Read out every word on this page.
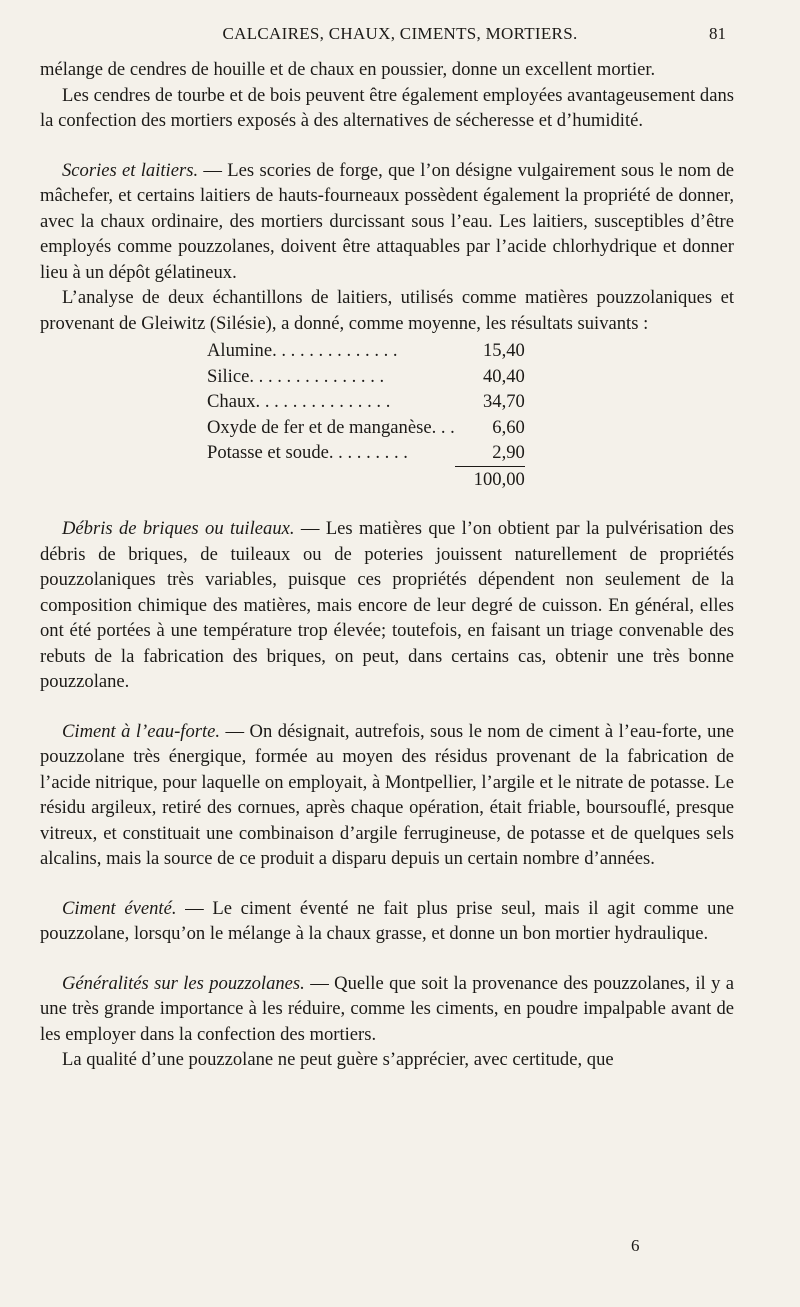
CALCAIRES, CHAUX, CIMENTS, MORTIERS.	81

mélange de cendres de houille et de chaux en poussier, donne un excellent mortier.

Les cendres de tourbe et de bois peuvent être également employées avantageusement dans la confection des mortiers exposés à des alternatives de sécheresse et d’humidité.

Scories et laitiers. — Les scories de forge, que l’on désigne vulgairement sous le nom de mâchefer, et certains laitiers de hauts-fourneaux possèdent également la propriété de donner, avec la chaux ordinaire, des mortiers durcissant sous l’eau. Les laitiers, susceptibles d’être employés comme pouzzolanes, doivent être attaquables par l’acide chlorhydrique et donner lieu à un dépôt gélatineux.

L’analyse de deux échantillons de laitiers, utilisés comme matières pouzzolaniques et provenant de Gleiwitz (Silésie), a donné, comme moyenne, les résultats suivants :

Alumine. . . . . . . . . . . . . .	15,40
Silice. . . . . . . . . . . . . . .	40,40
Chaux. . . . . . . . . . . . . . .	34,70
Oxyde de fer et de manganèse. . .	6,60
Potasse et soude. . . . . . . . .	2,90
	100,00

Débris de briques ou tuileaux. — Les matières que l’on obtient par la pulvérisation des débris de briques, de tuileaux ou de poteries jouissent naturellement de propriétés pouzzolaniques très variables, puisque ces propriétés dépendent non seulement de la composition chimique des matières, mais encore de leur degré de cuisson. En général, elles ont été portées à une température trop élevée; toutefois, en faisant un triage convenable des rebuts de la fabrication des briques, on peut, dans certains cas, obtenir une très bonne pouzzolane.

Ciment à l’eau-forte. — On désignait, autrefois, sous le nom de ciment à l’eau-forte, une pouzzolane très énergique, formée au moyen des résidus provenant de la fabrication de l’acide nitrique, pour laquelle on employait, à Montpellier, l’argile et le nitrate de potasse. Le résidu argileux, retiré des cornues, après chaque opération, était friable, boursouflé, presque vitreux, et constituait une combinaison d’argile ferrugineuse, de potasse et de quelques sels alcalins, mais la source de ce produit a disparu depuis un certain nombre d’années.

Ciment éventé. — Le ciment éventé ne fait plus prise seul, mais il agit comme une pouzzolane, lorsqu’on le mélange à la chaux grasse, et donne un bon mortier hydraulique.

Généralités sur les pouzzolanes. — Quelle que soit la provenance des pouzzolanes, il y a une très grande importance à les réduire, comme les ciments, en poudre impalpable avant de les employer dans la confection des mortiers.

La qualité d’une pouzzolane ne peut guère s’apprécier, avec certitude, que

6
